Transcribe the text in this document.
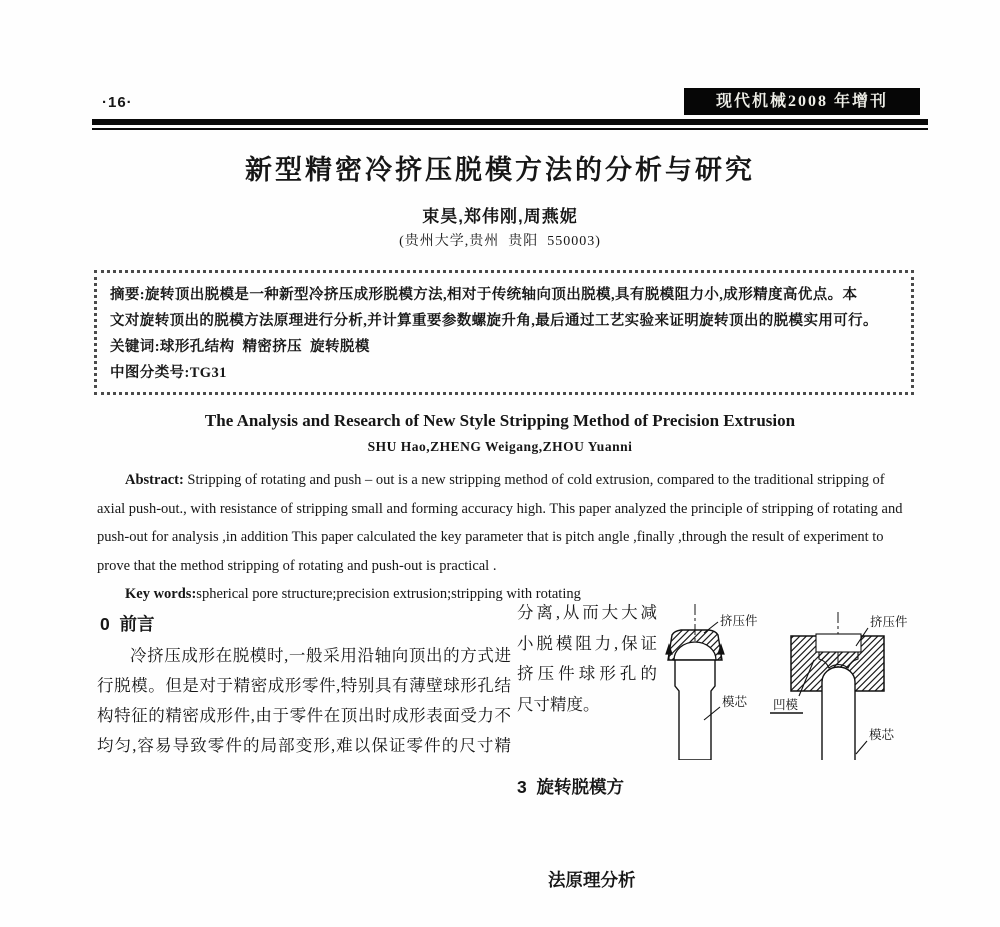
·16·	现代机械2008 年增刊
新型精密冷挤压脱模方法的分析与研究
束昊,郑伟刚,周燕妮
(贵州大学,贵州  贵阳  550003)
摘要:旋转顶出脱模是一种新型冷挤压成形脱模方法,相对于传统轴向顶出脱模,具有脱模阻力小,成形精度高优点。本
文对旋转顶出的脱模方法原理进行分析,并计算重要参数螺旋升角,最后通过工艺实验来证明旋转顶出的脱模实用可行。
关键词:球形孔结构  精密挤压  旋转脱模
中图分类号:TG31
The Analysis and Research of New Style Stripping Method of Precision Extrusion
SHU Hao,ZHENG Weigang,ZHOU Yuanni
Abstract: Stripping of rotating and push – out is a new stripping method of cold extrusion, compared to the traditional stripping of
axial push-out., with resistance of stripping small and forming accuracy high. This paper analyzed the principle of stripping of rotating and
push-out for analysis ,in addition This paper calculated the key parameter that is pitch angle ,finally ,through the result of experiment to
prove that the method stripping of rotating and push-out is practical .
Key words:spherical pore structure;precision extrusion;stripping with rotating
0  前言
冷挤压成形在脱模时,一般采用沿轴向顶出的方式进
行脱模。但是对于精密成形零件,特别具有薄壁球形孔结
构特征的精密成形件,由于零件在顶出时成形表面受力不
均匀,容易导致零件的局部变形,难以保证零件的尺寸精
分离,从而大大减
小脱模阻力,保证
挤压件球形孔的
尺寸精度。

3  旋转脱模方

法原理分析

挤压件
模芯
挤压件
凹模
模芯
